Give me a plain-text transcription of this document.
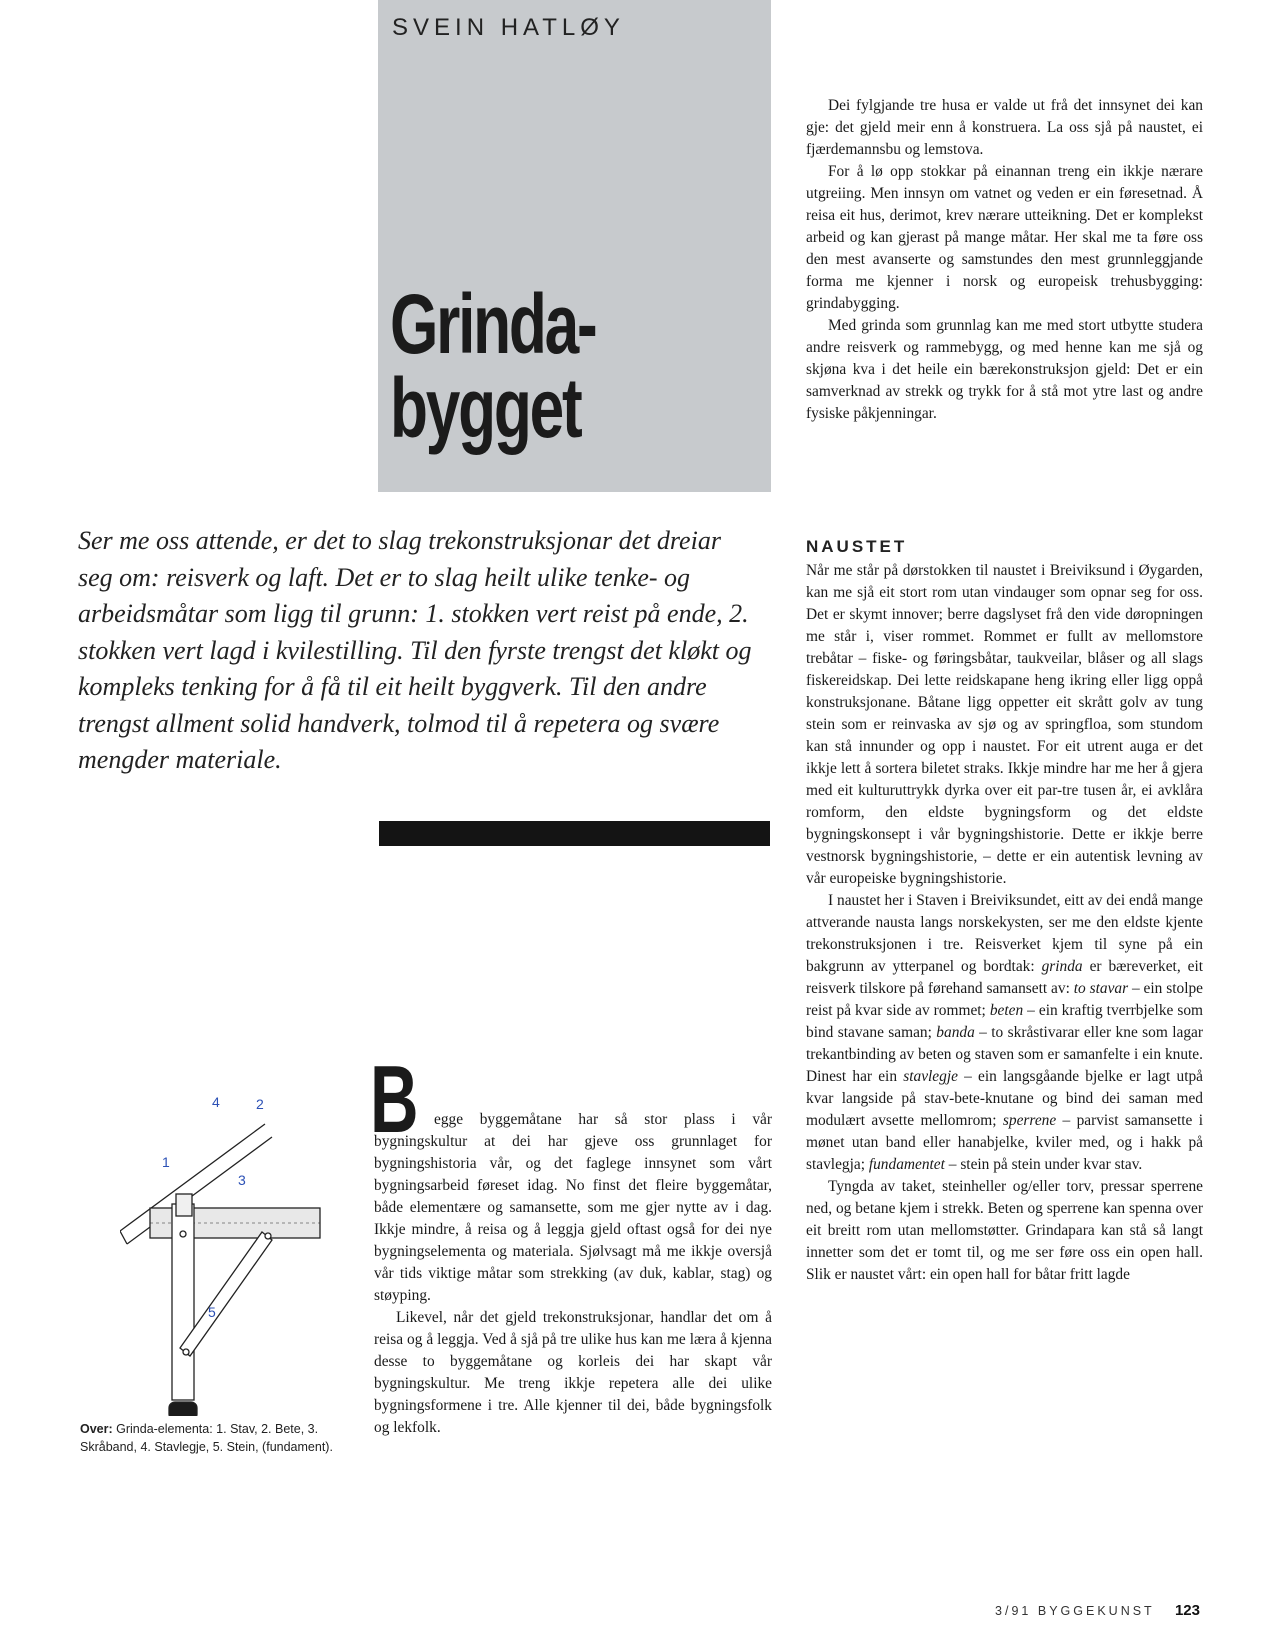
SVEIN HATLØY

Grinda-
bygget

Dei fylgjande tre husa er valde ut frå det innsynet dei kan gje: det gjeld meir enn å konstruera. La oss sjå på naustet, ei fjærdemannsbu og lemstova.

For å lø opp stokkar på einannan treng ein ikkje nærare utgreiing. Men innsyn om vatnet og veden er ein føresetnad. Å reisa eit hus, derimot, krev nærare utteikning. Det er komplekst arbeid og kan gjerast på mange måtar. Her skal me ta føre oss den mest avanserte og samstundes den mest grunnleggjande forma me kjenner i norsk og europeisk trehusbygging: grindabygging.

Med grinda som grunnlag kan me med stort utbytte studera andre reisverk og rammebygg, og med henne kan me sjå og skjøna kva i det heile ein bærekonstruksjon gjeld: Det er ein samverknad av strekk og trykk for å stå mot ytre last og andre fysiske påkjenningar.

Ser me oss attende, er det to slag trekonstruksjonar det dreiar seg om: reisverk og laft. Det er to slag heilt ulike tenke- og arbeidsmåtar som ligg til grunn: 1. stokken vert reist på ende, 2. stokken vert lagd i kvilestilling. Til den fyrste trengst det kløkt og kompleks tenking for å få til eit heilt byggverk. Til den andre trengst allment solid handverk, tolmod til å repetera og svære mengder materiale.

B	egge byggemåtane har så stor plass i vår bygningskultur at dei har gjeve oss grunnlaget for bygningshistoria vår, og det faglege innsynet som vårt bygningsarbeid føreset idag. No finst det fleire byggemåtar, både elementære og samansette, som me gjer nytte av i dag. Ikkje mindre, å reisa og å leggja gjeld oftast også for dei nye bygningselementa og materiala. Sjølvsagt må me ikkje oversjå vår tids viktige måtar som strekking (av duk, kablar, stag) og støyping.

Likevel, når det gjeld trekonstruksjonar, handlar det om å reisa og å leggja. Ved å sjå på tre ulike hus kan me læra å kjenna desse to byggemåtane og korleis dei har skapt vår bygningskultur. Me treng ikkje repetera alle dei ulike bygningsformene i tre. Alle kjenner til dei, både bygningsfolk og lekfolk.

NAUSTET

Når me står på dørstokken til naustet i Breiviksund i Øygarden, kan me sjå eit stort rom utan vindauger som opnar seg for oss. Det er skymt innover; berre dagslyset frå den vide døropningen me står i, viser rommet. Rommet er fullt av mellomstore trebåtar – fiske- og føringsbåtar, taukveilar, blåser og all slags fiskereidskap. Dei lette reidskapane heng ikring eller ligg oppå konstruksjonane. Båtane ligg oppetter eit skrått golv av tung stein som er reinvaska av sjø og av springfloa, som stundom kan stå innunder og opp i naustet. For eit utrent auga er det ikkje lett å sortera biletet straks. Ikkje mindre har me her å gjera med eit kulturuttrykk dyrka over eit par-tre tusen år, ei avklåra romform, den eldste bygningsform og det eldste bygningskonsept i vår bygningshistorie. Dette er ikkje berre vestnorsk bygningshistorie, – dette er ein autentisk levning av vår europeiske bygningshistorie.

I naustet her i Staven i Breiviksundet, eitt av dei endå mange attverande nausta langs norskekysten, ser me den eldste kjente trekonstruksjonen i tre. Reisverket kjem til syne på ein bakgrunn av ytterpanel og bordtak: grinda er bæreverket, eit reisverk tilskore på førehand samansett av: to stavar – ein stolpe reist på kvar side av rommet; beten – ein kraftig tverrbjelke som bind stavane saman; banda – to skråstivarar eller kne som lagar trekantbinding av beten og staven som er samanfelte i ein knute. Dinest har ein stavlegje – ein langsgåande bjelke er lagt utpå kvar langside på stav-bete-knutane og bind dei saman med modulært avsette mellomrom; sperrene – parvist samansette i mønet utan band eller hanabjelke, kviler med, og i hakk på stavlegja; fundamentet – stein på stein under kvar stav.

Tyngda av taket, steinheller og/eller torv, pressar sperrene ned, og betane kjem i strekk. Beten og sperrene kan spenna over eit breitt rom utan mellomstøtter. Grindapara kan stå så langt innetter som det er tomt til, og me ser føre oss ein open hall. Slik er naustet vårt: ein open hall for båtar fritt lagde

1
2
3
4
5

Over: Grinda-elementa: 1. Stav, 2. Bete, 3. Skråband, 4. Stavlegje, 5. Stein, (fundament).

3/91 BYGGEKUNST 123
